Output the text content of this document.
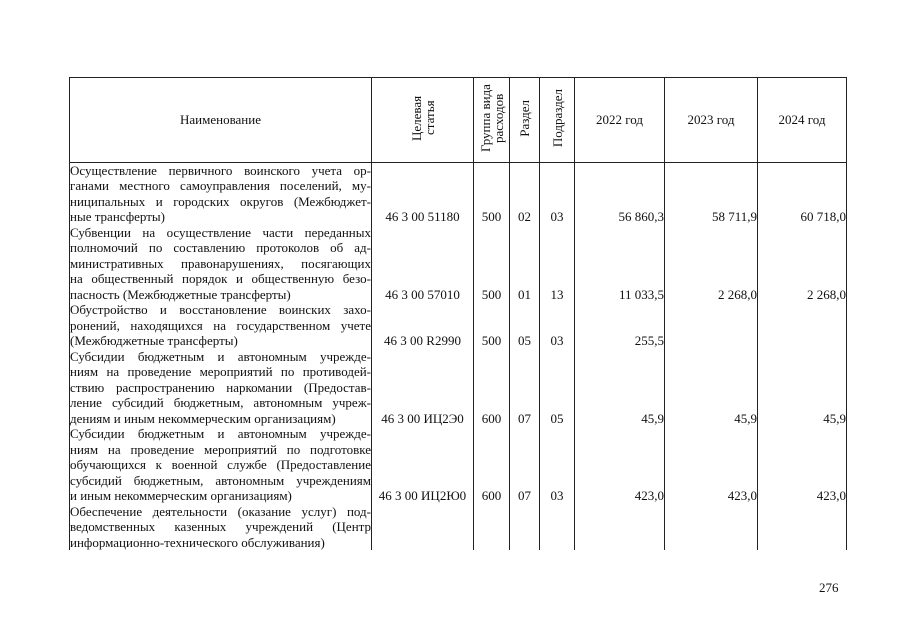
Наименование	Целевая статья	Группа вида расходов	Раздел	Подраздел	2022 год	2023 год	2024 год

Осуществление первичного воинского учета ор-
ганами местного самоуправления поселений, му-
ниципальных и городских округов (Межбюджет-
ные трансферты)	46 3 00 51180	500	02	03	56 860,3	58 711,9	60 718,0

Субвенции на осуществление части переданных
полномочий по составлению протоколов об ад-
министративных правонарушениях, посягающих
на общественный порядок и общественную безо-
пасность (Межбюджетные трансферты)	46 3 00 57010	500	01	13	11 033,5	2 268,0	2 268,0

Обустройство и восстановление воинских захо-
ронений, находящихся на государственном учете
(Межбюджетные трансферты)	46 3 00 R2990	500	05	03	255,5		

Субсидии бюджетным и автономным учрежде-
ниям на проведение мероприятий по противодей-
ствию распространению наркомании (Предостав-
ление субсидий бюджетным, автономным учреж-
дениям и иным некоммерческим организациям)	46 3 00 ИЦ2Э0	600	07	05	45,9	45,9	45,9

Субсидии бюджетным и автономным учрежде-
ниям на проведение мероприятий по подготовке
обучающихся к военной службе (Предоставление
субсидий бюджетным, автономным учреждениям
и иным некоммерческим организациям)	46 3 00 ИЦ2Ю0	600	07	03	423,0	423,0	423,0

Обеспечение деятельности (оказание услуг) под-
ведомственных казенных учреждений (Центр
информационно-технического обслуживания)							

276
